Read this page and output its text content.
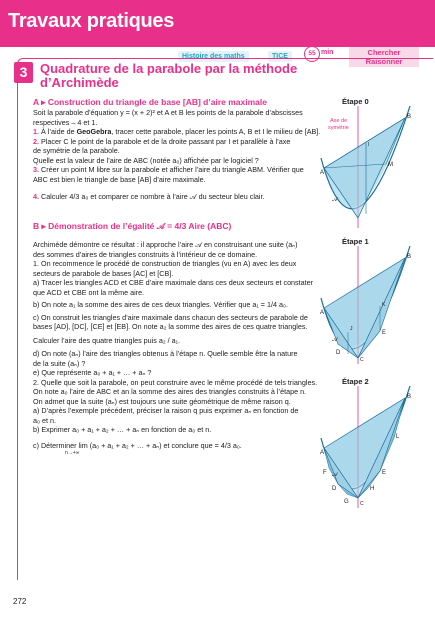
Travaux pratiques
Histoire des maths	TICE	55 min	Chercher
Raisonner
3 Quadrature de la parabole par la méthode
d’Archimède
A ▸ Construction du triangle de base [AB] d’aire maximale
Soit la parabole d’équation y = (x + 2)² et A et B les points de la parabole d’abscisses
respectives – 4 et 1.
1. À l’aide de GeoGebra, tracer cette parabole, placer les points A, B et I le milieu de [AB].
2. Placer C le point de la parabole et de la droite passant par I et parallèle à l’axe
de symétrie de la parabole.
Quelle est la valeur de l’aire de ABC (notée a₀) affichée par le logiciel ?
3. Créer un point M libre sur la parabole et afficher l’aire du triangle ABM. Vérifier que
ABC est bien le triangle de base [AB] d’aire maximale.
4. Calculer 4/3 a₀ et comparer ce nombre à l’aire 𝒜 du secteur bleu clair.
B ▸ Démonstration de l’égalité 𝒜 = 4/3 Aire (ABC)
Archimède démontre ce résultat : il approche l’aire 𝒜 en construisant une suite (aₙ)
des sommes d’aires de triangles construits à l’intérieur de ce domaine.
1. On recommence le procédé de construction de triangles (vu en A) avec les deux
secteurs de parabole de bases [AC] et [CB].
a) Tracer les triangles ACD et CBE d’aire maximale dans ces deux secteurs et constater
que ACD et CBE ont la même aire.
b) On note a₁ la somme des aires de ces deux triangles. Vérifier que a₁ = 1/4 a₀.
c) On construit les triangles d’aire maximale dans chacun des secteurs de parabole de
bases [AD], [DC], [CE] et [EB]. On note a₂ la somme des aires de ces quatre triangles.
Calculer l’aire des quatre triangles puis a₂ / a₁.
d) On note (aₙ) l’aire des triangles obtenus à l’étape n. Quelle semble être la nature
de la suite (aₙ) ?
e) Que représente a₀ + a₁ + … + aₙ ?
2. Quelle que soit la parabole, on peut construire avec le même procédé de tels triangles.
On note a₀ l’aire de ABC et an la somme des aires des triangles construits à l’étape n.
On admet que la suite (aₙ) est toujours une suite géométrique de même raison q.
a) D’après l’exemple précédent, préciser la raison q puis exprimer aₙ en fonction de
a₀ et n.
b) Exprimer a₀ + a₁ + a₂ + … + aₙ en fonction de a₀ et n.
c) Déterminer lim (a₀ + a₁ + a₂ + … + aₙ) et conclure que = 4/3 a₀.
n→+∞
Étape 0
A
B
M
I
𝒜
Axe de
symétrie
Étape 1
A
B
D
E
K
J
C
𝒜
Étape 2
A
B
D
E
F
G
H
L
C
𝒜
272
